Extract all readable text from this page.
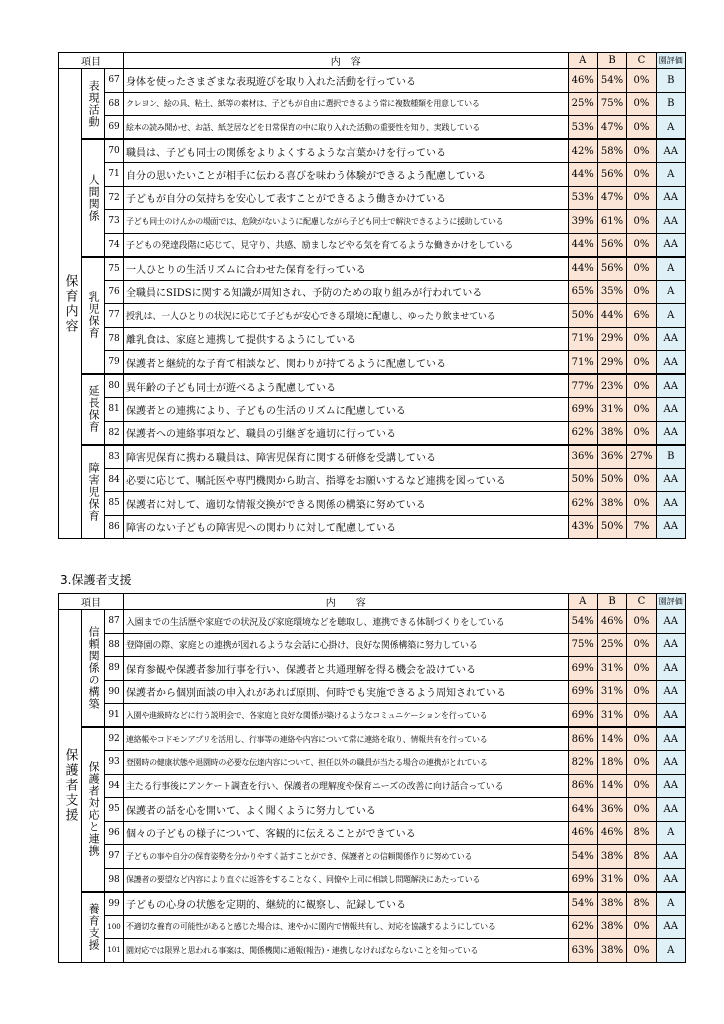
項目			内　容	A	B	C	園評価
保育内容	表現活動	67	身体を使ったさまざまな表現遊びを取り入れた活動を行っている	46%	54%	0%	B
		68	クレヨン、絵の具、粘土、紙等の素材は、子どもが自由に選択できるよう常に複数種類を用意している	25%	75%	0%	B
		69	絵本の読み聞かせ、お話、紙芝居などを日常保育の中に取り入れた活動の重要性を知り、実践している	53%	47%	0%	A
	人間関係	70	職員は、子ども同士の関係をよりよくするような言葉かけを行っている	42%	58%	0%	AA
		71	自分の思いたいことが相手に伝わる喜びを味わう体験ができるよう配慮している	44%	56%	0%	A
		72	子どもが自分の気持ちを安心して表すことができるよう働きかけている	53%	47%	0%	AA
		73	子ども同士のけんかの場面では、危険がないように配慮しながら子ども同士で解決できるように援助している	39%	61%	0%	AA
		74	子どもの発達段階に応じて、見守り、共感、励ましなどやる気を育てるような働きかけをしている	44%	56%	0%	AA
	乳児保育	75	一人ひとりの生活リズムに合わせた保育を行っている	44%	56%	0%	A
		76	全職員にSIDSに関する知識が周知され、予防のための取り組みが行われている	65%	35%	0%	A
		77	授乳は、一人ひとりの状況に応じて子どもが安心できる環境に配慮し、ゆったり飲ませている	50%	44%	6%	A
		78	離乳食は、家庭と連携して提供するようにしている	71%	29%	0%	AA
		79	保護者と継続的な子育て相談など、関わりが持てるように配慮している	71%	29%	0%	AA
	延長保育	80	異年齢の子ども同士が遊べるよう配慮している	77%	23%	0%	AA
		81	保護者との連携により、子どもの生活のリズムに配慮している	69%	31%	0%	AA
		82	保護者への連絡事項など、職員の引継ぎを適切に行っている	62%	38%	0%	AA
	障害児保育	83	障害児保育に携わる職員は、障害児保育に関する研修を受講している	36%	36%	27%	B
		84	必要に応じて、嘱託医や専門機関から助言、指導をお願いするなど連携を図っている	50%	50%	0%	AA
		85	保護者に対して、適切な情報交換ができる関係の構築に努めている	62%	38%	0%	AA
		86	障害のない子どもの障害児への関わりに対して配慮している	43%	50%	7%	AA
3.保護者支援
項目			内　　容	A	B	C	園評価
保護者支援	信頼関係の構築	87	入園までの生活歴や家庭での状況及び家庭環境などを聴取し、連携できる体制づくりをしている	54%	46%	0%	AA
		88	登降園の際、家庭との連携が図れるような会話に心掛け、良好な関係構築に努力している	75%	25%	0%	AA
		89	保育参観や保護者参加行事を行い、保護者と共通理解を得る機会を設けている	69%	31%	0%	AA
		90	保護者から個別面談の申入れがあれば原則、何時でも実施できるよう周知されている	69%	31%	0%	AA
		91	入園や進級時などに行う説明会で、各家庭と良好な関係が築けるようなコミュニケーションを行っている	69%	31%	0%	AA
	保護者対応と連携	92	連絡帳やコドモンアプリを活用し、行事等の連絡や内容について常に連絡を取り、情報共有を行っている	86%	14%	0%	AA
		93	登園時の健康状態や退園時の必要な伝達内容について、担任以外の職員が当たる場合の連携がとれている	82%	18%	0%	AA
		94	主たる行事後にアンケート調査を行い、保護者の理解度や保育ニーズの改善に向け話合っている	86%	14%	0%	AA
		95	保護者の話を心を開いて、よく聞くように努力している	64%	36%	0%	AA
		96	個々の子どもの様子について、客観的に伝えることができている	46%	46%	8%	A
		97	子どもの事や自分の保育姿勢を分かりやすく話すことができ、保護者との信頼関係作りに努めている	54%	38%	8%	AA
		98	保護者の要望など内容により直ぐに返答をすることなく、同僚や上司に相談し問題解決にあたっている	69%	31%	0%	AA
	養育支援	99	子どもの心身の状態を定期的、継続的に観察し、記録している	54%	38%	8%	A
		100	不適切な養育の可能性があると感じた場合は、速やかに園内で情報共有し、対応を協議するようにしている	62%	38%	0%	AA
		101	園対応では限界と思われる事案は、関係機関に通報(報告)・連携しなければならないことを知っている	63%	38%	0%	A
